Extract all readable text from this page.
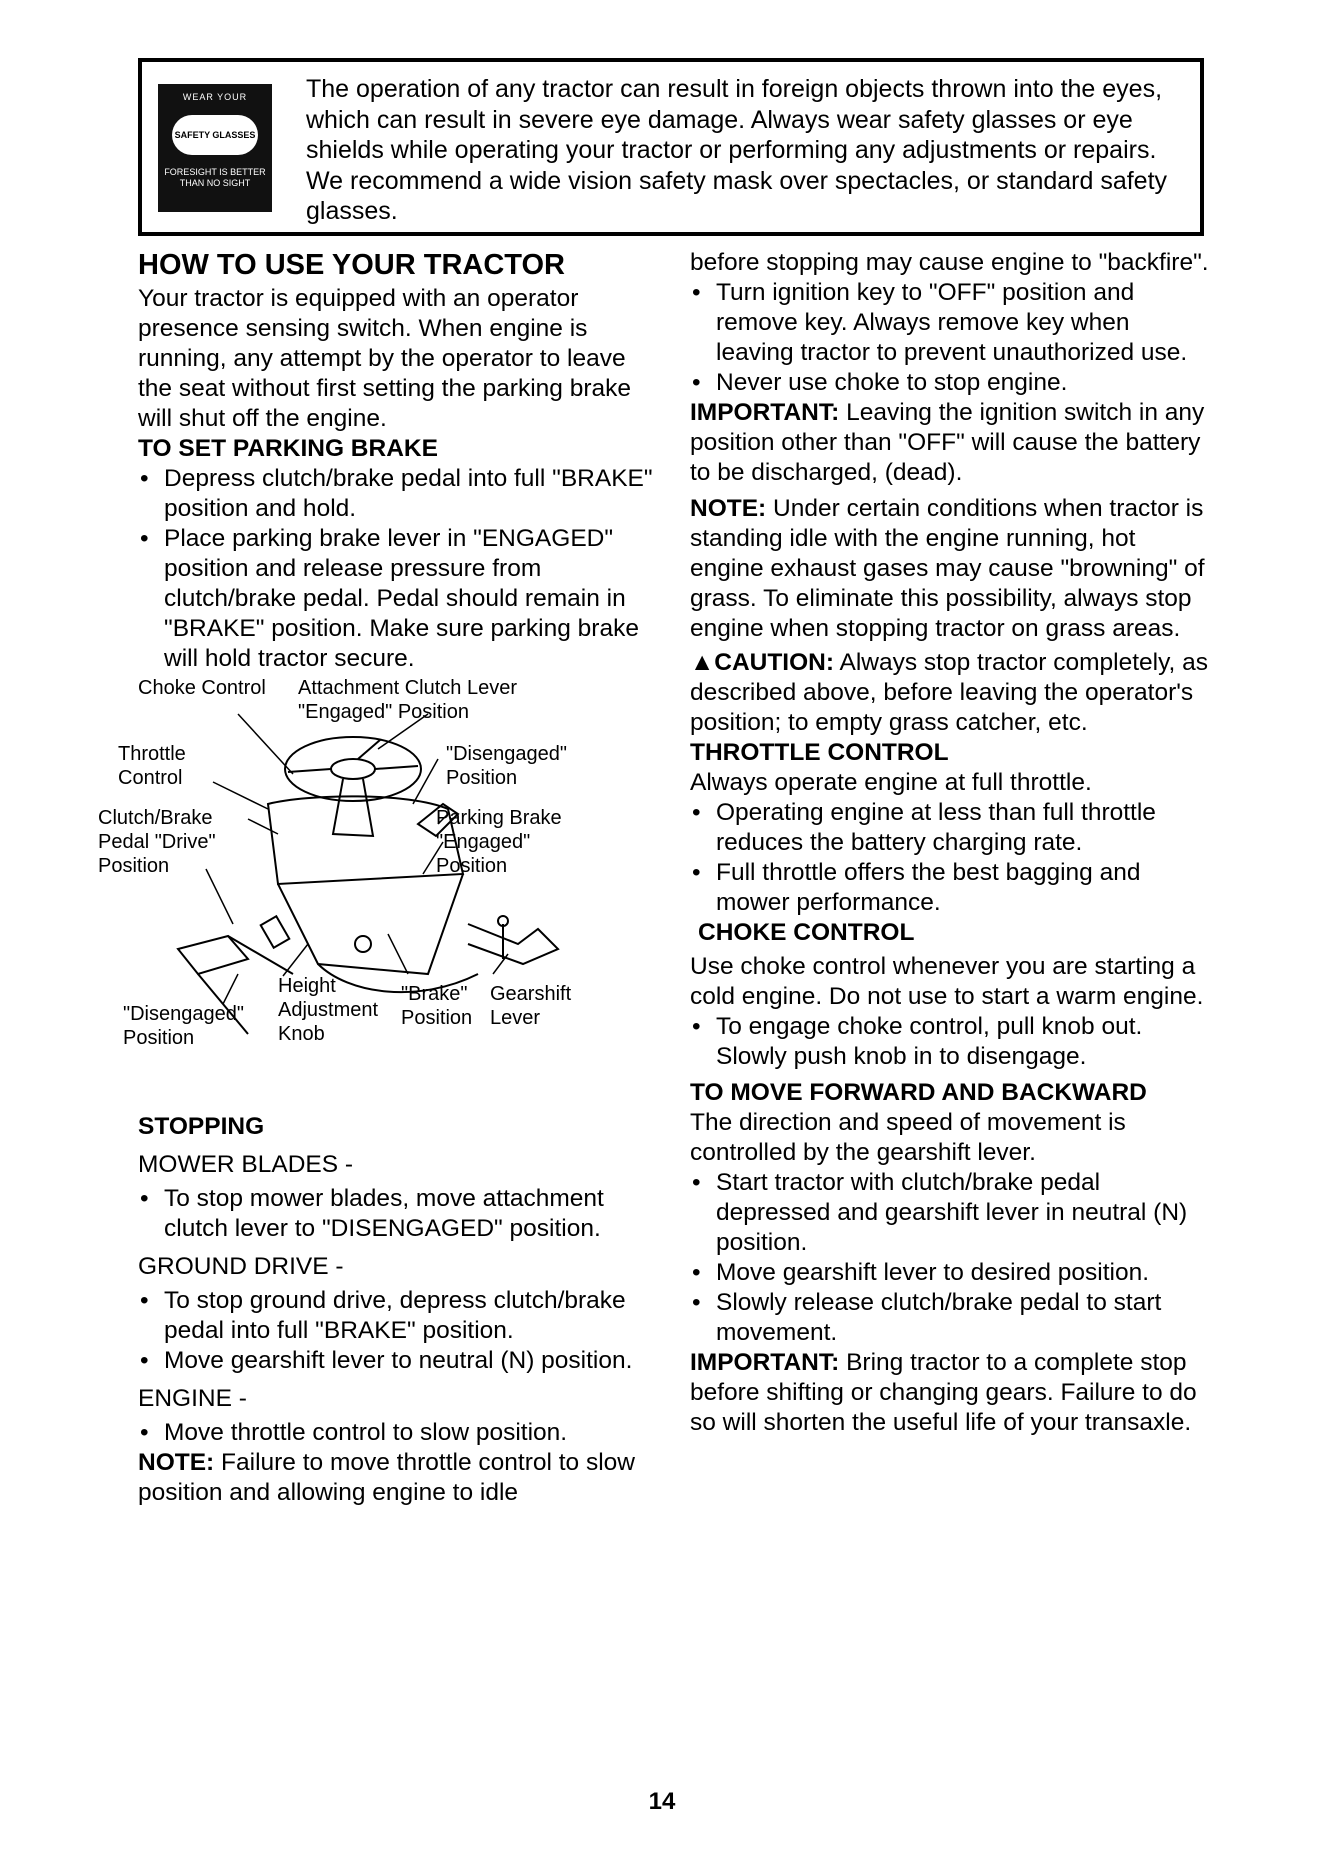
WEAR YOUR
SAFETY GLASSES
FORESIGHT IS BETTER THAN NO SIGHT
The operation of any tractor can result in foreign objects thrown into the eyes, which can result in severe eye damage. Always wear safety glasses or eye shields while operating your tractor or performing any adjustments or repairs. We recommend a wide vision safety mask over spectacles, or standard safety glasses.
HOW TO USE YOUR TRACTOR

Your tractor is equipped with an operator presence sensing switch. When engine is running, any attempt by the operator to leave the seat without first setting the parking brake will shut off the engine.

TO SET PARKING BRAKE

• Depress clutch/brake pedal into full "BRAKE" position and hold.

• Place parking brake lever in "ENGAGED" position and release pressure from clutch/brake pedal. Pedal should remain in "BRAKE" position. Make sure parking brake will hold tractor secure.

Choke Control Attachment Clutch Lever
"Engaged" Position
Throttle
Control
"Disengaged"
Position
Clutch/Brake
Pedal "Drive"
Position
Parking Brake
"Engaged"
Position
Height
Adjustment
Knob
"Brake"
Position
Gearshift
Lever
"Disengaged"
Position
STOPPING

MOWER BLADES -

• To stop mower blades, move attachment clutch lever to "DISENGAGED" position.

GROUND DRIVE -

• To stop ground drive, depress clutch/brake pedal into full "BRAKE" position.

• Move gearshift lever to neutral (N) position.

ENGINE -

• Move throttle control to slow position.

NOTE: Failure to move throttle control to slow position and allowing engine to idle

before stopping may cause engine to "backfire".

• Turn ignition key to "OFF" position and remove key. Always remove key when leaving tractor to prevent unauthorized use.

• Never use choke to stop engine.

IMPORTANT: Leaving the ignition switch in any position other than "OFF" will cause the battery to be discharged, (dead).

NOTE: Under certain conditions when tractor is standing idle with the engine running, hot engine exhaust gases may cause "browning" of grass. To eliminate this possibility, always stop engine when stopping tractor on grass areas.

▲CAUTION: Always stop tractor completely, as described above, before leaving the operator's position; to empty grass catcher, etc.

THROTTLE CONTROL

Always operate engine at full throttle.

• Operating engine at less than full throttle reduces the battery charging rate.

• Full throttle offers the best bagging and mower performance.

CHOKE CONTROL

Use choke control whenever you are starting a cold engine. Do not use to start a warm engine.

• To engage choke control, pull knob out. Slowly push knob in to disengage.

TO MOVE FORWARD AND BACKWARD

The direction and speed of movement is controlled by the gearshift lever.

• Start tractor with clutch/brake pedal depressed and gearshift lever in neutral (N) position.

• Move gearshift lever to desired position.

• Slowly release clutch/brake pedal to start movement.

IMPORTANT: Bring tractor to a complete stop before shifting or changing gears. Failure to do so will shorten the useful life of your transaxle.

14
